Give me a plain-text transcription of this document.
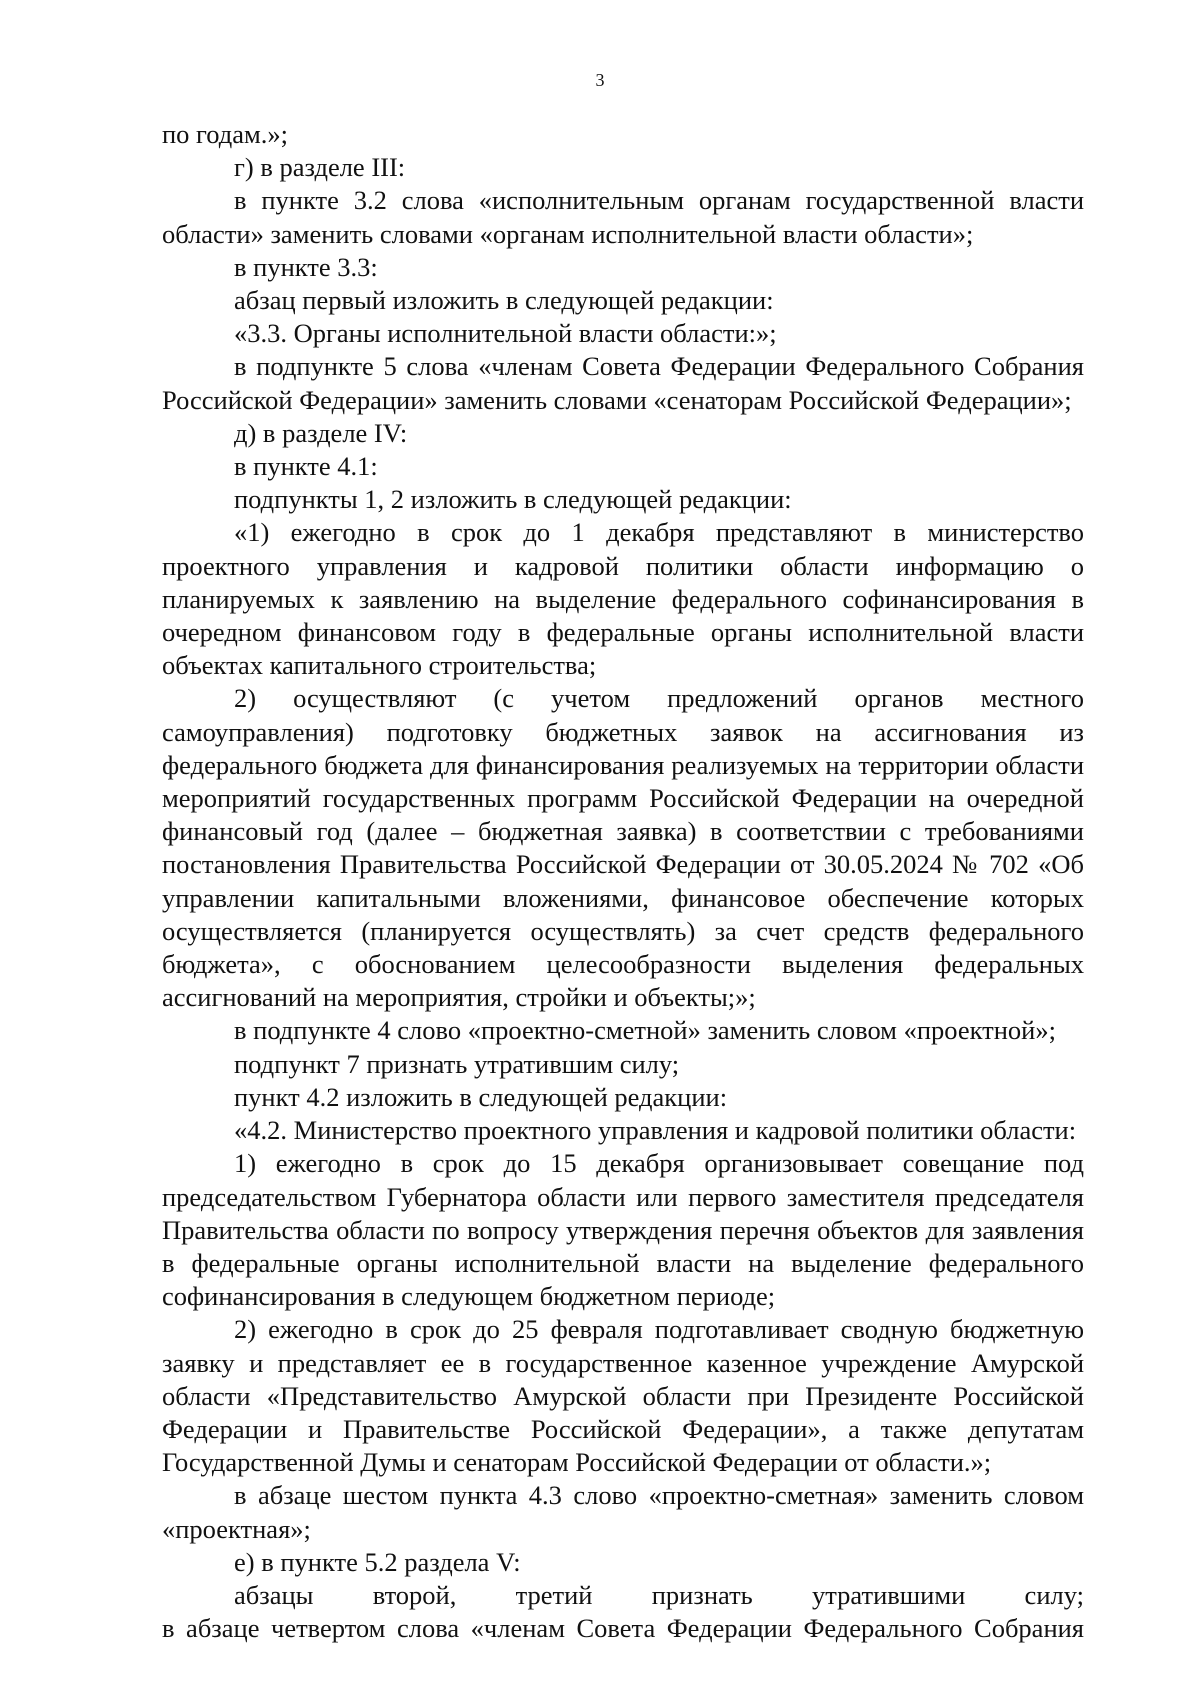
3

по годам.»;

г) в разделе III:

в пункте 3.2 слова «исполнительным органам государственной власти области» заменить словами «органам исполнительной власти области»;

в пункте 3.3:

абзац первый изложить в следующей редакции:

«3.3. Органы исполнительной власти области:»;

в подпункте 5 слова «членам Совета Федерации Федерального Собрания Российской Федерации» заменить словами «сенаторам Российской Федерации»;

д) в разделе IV:

в пункте 4.1:

подпункты 1, 2 изложить в следующей редакции:

«1) ежегодно в срок до 1 декабря представляют в министерство проектного управления и кадровой политики области информацию о планируемых к заявлению на выделение федерального софинансирования в очередном финансовом году в федеральные органы исполнительной власти объектах капитального строительства;

2) осуществляют (с учетом предложений органов местного самоуправления) подготовку бюджетных заявок на ассигнования из федерального бюджета для финансирования реализуемых на территории области мероприятий государственных программ Российской Федерации на очередной финансовый год (далее – бюджетная заявка) в соответствии с требованиями постановления Правительства Российской Федерации от 30.05.2024 № 702 «Об управлении капитальными вложениями, финансовое обеспечение которых осуществляется (планируется осуществлять) за счет средств федерального бюджета», с обоснованием целесообразности выделения федеральных ассигнований на мероприятия, стройки и объекты;»;

в подпункте 4 слово «проектно-сметной» заменить словом «проектной»;

подпункт 7 признать утратившим силу;

пункт 4.2 изложить в следующей редакции:

«4.2. Министерство проектного управления и кадровой политики области:

1) ежегодно в срок до 15 декабря организовывает совещание под председательством Губернатора области или первого заместителя председателя Правительства области по вопросу утверждения перечня объектов для заявления в федеральные органы исполнительной власти на выделение федерального софинансирования в следующем бюджетном периоде;

2) ежегодно в срок до 25 февраля подготавливает сводную бюджетную заявку и представляет ее в государственное казенное учреждение Амурской области «Представительство Амурской области при Президенте Российской Федерации и Правительстве Российской Федерации», а также депутатам Государственной Думы и сенаторам Российской Федерации от области.»;

в абзаце шестом пункта 4.3 слово «проектно-сметная» заменить словом «проектная»;

е) в пункте 5.2 раздела V:

абзацы второй, третий признать утратившими силу;

в абзаце четвертом слова «членам Совета Федерации Федерального Собрания
